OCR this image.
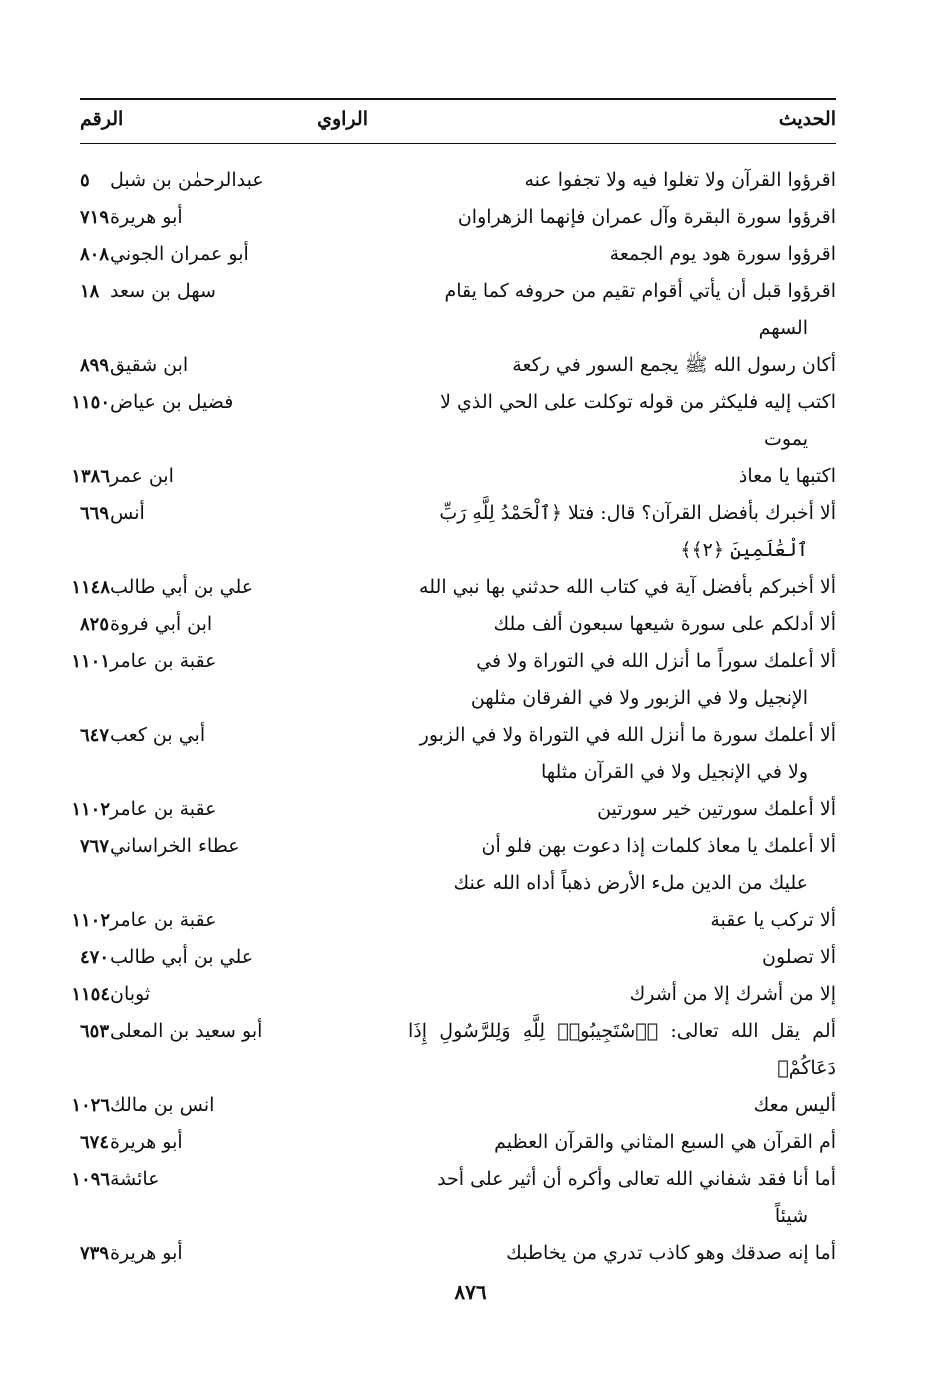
الحديث
الراوي
الرقم
اقرؤوا القرآن ولا تغلوا فيه ولا تجفوا عنه
عبدالرحمٰن بن شبل
٥
اقرؤوا سورة البقرة وآل عمران فإنهما الزهراوان
أبو هريرة
٧١٩
اقرؤوا سورة هود يوم الجمعة
أبو عمران الجوني
٨٠٨
اقرؤوا قبل أن يأتي أقوام تقيم من حروفه كما يقام
السهم
سهل بن سعد
١٨
أكان رسول الله ﷺ يجمع السور في ركعة
ابن شقيق
٨٩٩
اكتب إليه فليكثر من قوله توكلت على الحي الذي لا
يموت
فضيل بن عياض
١١٥٠
اكتبها يا معاذ
ابن عمر
١٣٨٦
ألا أخبرك بأفضل القرآن؟ قال: فتلا ﴿ٱلْحَمْدُ لِلَّهِ رَبِّ
ٱلْعَٰلَمِينَ ﴿٢﴾﴾
أنس
٦٦٩
ألا أخبركم بأفضل آية في كتاب الله حدثني بها نبي الله
علي بن أبي طالب
١١٤٨
ألا أدلكم على سورة شيعها سبعون ألف ملك
ابن أبي فروة
٨٢٥
ألا أعلمك سوراً ما أنزل الله في التوراة ولا في
الإنجيل ولا في الزبور ولا في الفرقان مثلهن
عقبة بن عامر
١١٠١
ألا أعلمك سورة ما أنزل الله في التوراة ولا في الزبور
ولا في الإنجيل ولا في القرآن مثلها
أبي بن كعب
٦٤٧
ألا أعلمك سورتين خير سورتين
عقبة بن عامر
١١٠٢
ألا أعلمك يا معاذ كلمات إذا دعوت بهن فلو أن
عليك من الدين ملء الأرض ذهباً أداه الله عنك
عطاء الخراساني
٧٦٧
ألا تركب يا عقبة
عقبة بن عامر
١١٠٢
ألا تصلون
علي بن أبي طالب
٤٧٠
إلا من أشرك إلا من أشرك
ثوبان
١١٥٤
ألم يقل الله تعالى: ﴿ٱسْتَجِيبُوا۟ لِلَّهِ وَلِلرَّسُولِ إِذَا دَعَاكُمْ﴾
أبو سعيد بن المعلى
٦٥٣
أليس معك
انس بن مالك
١٠٢٦
أم القرآن هي السبع المثاني والقرآن العظيم
أبو هريرة
٦٧٤
أما أنا فقد شفاني الله تعالى وأكره أن أثير على أحد
شيئاً
عائشة
١٠٩٦
أما إنه صدقك وهو كاذب تدري من يخاطبك
أبو هريرة
٧٣٩
٨٧٦
